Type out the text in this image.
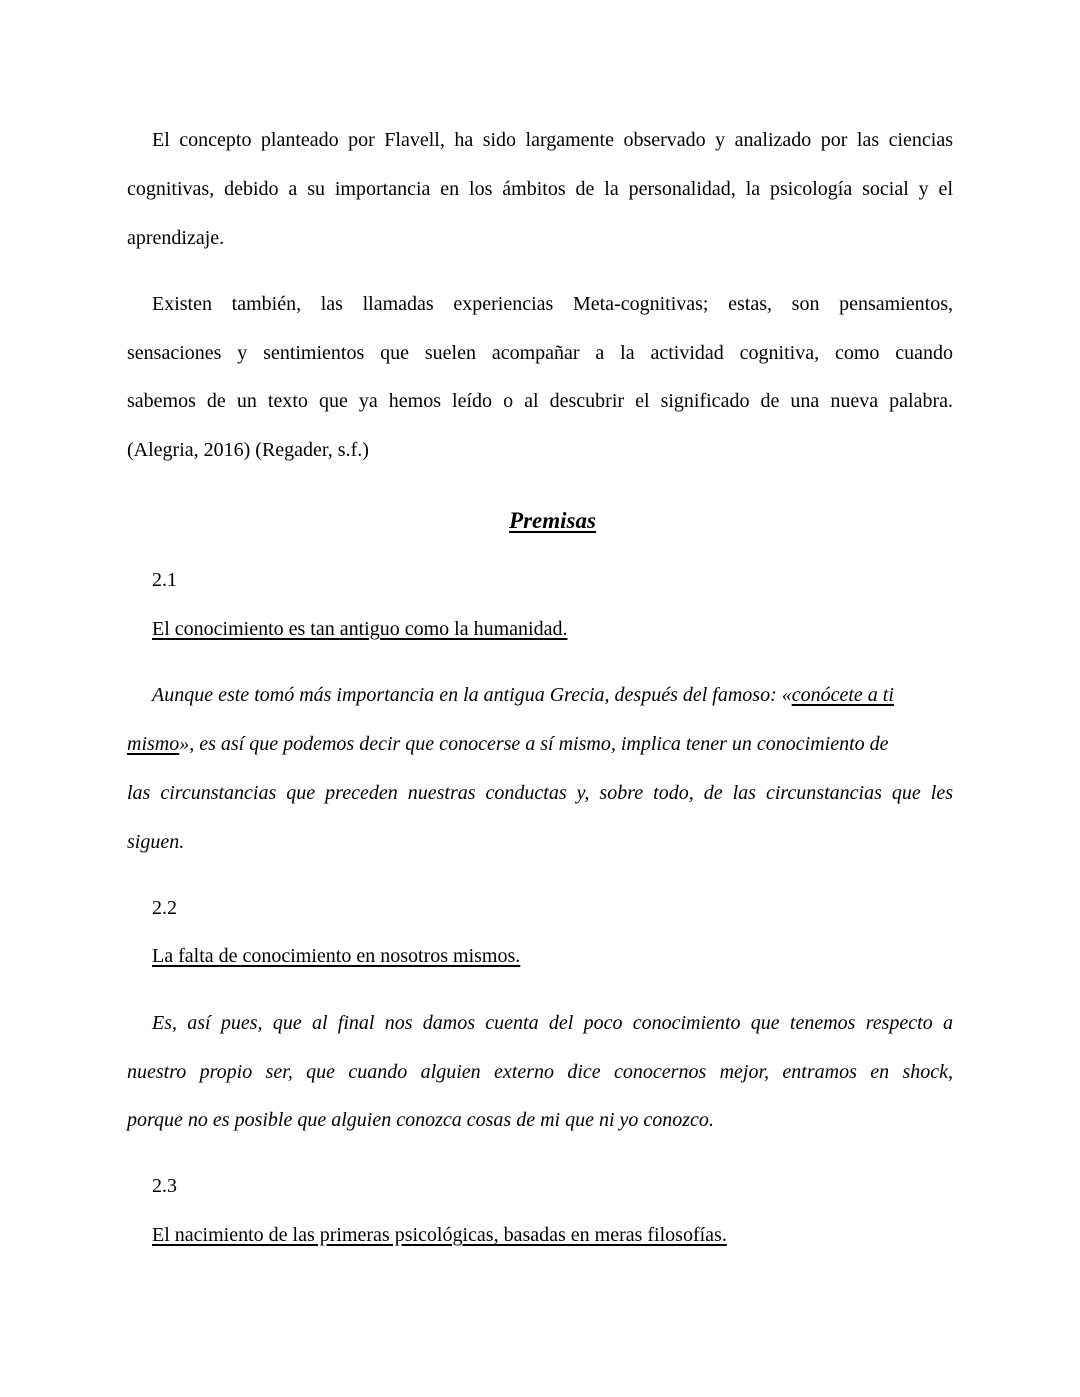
El concepto planteado por Flavell, ha sido largamente observado y analizado por las ciencias
cognitivas, debido a su importancia en los ámbitos de la personalidad, la psicología social y el
aprendizaje.
Existen también, las llamadas experiencias Meta-cognitivas; estas, son pensamientos,
sensaciones y sentimientos que suelen acompañar a la actividad cognitiva, como cuando
sabemos de un texto que ya hemos leído o al descubrir el significado de una nueva palabra.
(Alegria, 2016) (Regader, s.f.)
Premisas
2.1
El conocimiento es tan antiguo como la humanidad.
Aunque este tomó más importancia en la antigua Grecia, después del famoso: «conócete a ti
mismo», es así que podemos decir que conocerse a sí mismo, implica tener un conocimiento de
las circunstancias que preceden nuestras conductas y, sobre todo, de las circunstancias que les
siguen.
2.2
La falta de conocimiento en nosotros mismos.
Es, así pues, que al final nos damos cuenta del poco conocimiento que tenemos respecto a
nuestro propio ser, que cuando alguien externo dice conocernos mejor, entramos en shock,
porque no es posible que alguien conozca cosas de mi que ni yo conozco.
2.3
El nacimiento de las primeras psicológicas, basadas en meras filosofías.
